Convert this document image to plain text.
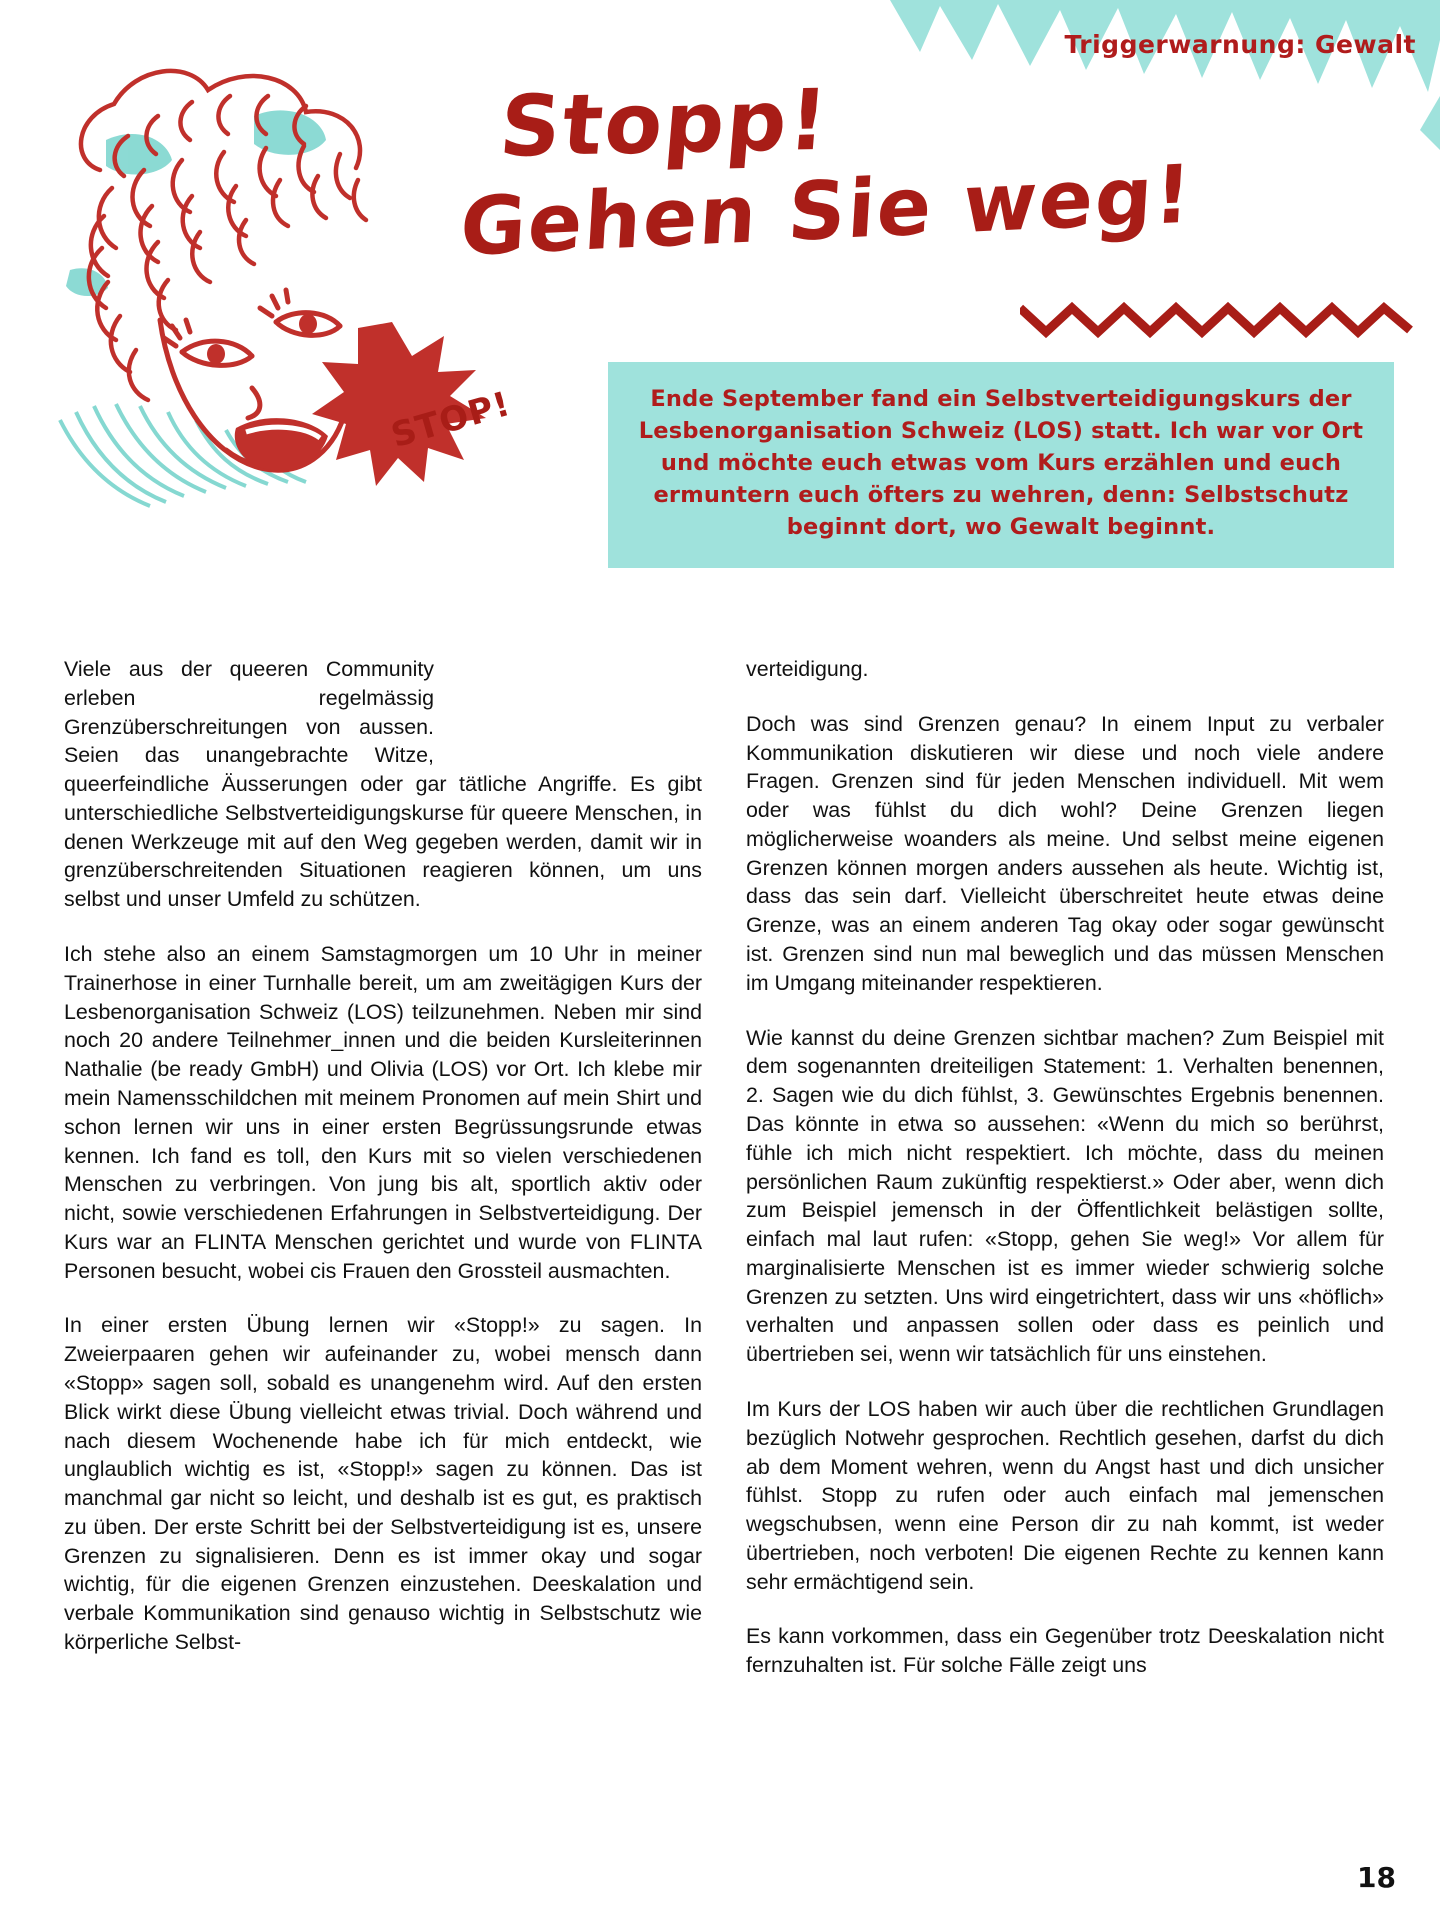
Triggerwarnung: Gewalt
Stopp!
Gehen Sie weg!
STOP!	Ende September fand ein Selbstverteidigungskurs der Lesbenorganisation Schweiz (LOS) statt. Ich war vor Ort und möchte euch etwas vom Kurs erzählen und euch ermuntern euch öfters zu wehren, denn: Selbstschutz beginnt dort, wo Gewalt beginnt.

Viele aus der queeren Community erleben regelmässig Grenzüberschreitungen von aussen. Seien das unangebrachte Witze, queerfeindliche Äusserungen oder gar tätliche Angriffe. Es gibt unterschiedliche Selbstverteidigungskurse für queere Menschen, in denen Werkzeuge mit auf den Weg gegeben werden, damit wir in grenzüberschreitenden Situationen reagieren können, um uns selbst und unser Umfeld zu schützen.

Ich stehe also an einem Samstagmorgen um 10 Uhr in meiner Trainerhose in einer Turnhalle bereit, um am zweitägigen Kurs der Lesbenorganisation Schweiz (LOS) teilzunehmen. Neben mir sind noch 20 andere Teilnehmer_innen und die beiden Kursleiterinnen Nathalie (be ready GmbH) und Olivia (LOS) vor Ort. Ich klebe mir mein Namensschildchen mit meinem Pronomen auf mein Shirt und schon lernen wir uns in einer ersten Begrüssungsrunde etwas kennen. Ich fand es toll, den Kurs mit so vielen verschiedenen Menschen zu verbringen. Von jung bis alt, sportlich aktiv oder nicht, sowie verschiedenen Erfahrungen in Selbstverteidigung. Der Kurs war an FLINTA Menschen gerichtet und wurde von FLINTA Personen besucht, wobei cis Frauen den Grossteil ausmachten.

In einer ersten Übung lernen wir «Stopp!» zu sagen. In Zweierpaaren gehen wir aufeinander zu, wobei mensch dann «Stopp» sagen soll, sobald es unangenehm wird. Auf den ersten Blick wirkt diese Übung vielleicht etwas trivial. Doch während und nach diesem Wochenende habe ich für mich entdeckt, wie unglaublich wichtig es ist, «Stopp!» sagen zu können. Das ist manchmal gar nicht so leicht, und deshalb ist es gut, es praktisch zu üben. Der erste Schritt bei der Selbstverteidigung ist es, unsere Grenzen zu signalisieren. Denn es ist immer okay und sogar wichtig, für die eigenen Grenzen einzustehen. Deeskalation und verbale Kommunikation sind genauso wichtig in Selbstschutz wie körperliche Selbst-

verteidigung.

Doch was sind Grenzen genau? In einem Input zu verbaler Kommunikation diskutieren wir diese und noch viele andere Fragen. Grenzen sind für jeden Menschen individuell. Mit wem oder was fühlst du dich wohl? Deine Grenzen liegen möglicherweise woanders als meine. Und selbst meine eigenen Grenzen können morgen anders aussehen als heute. Wichtig ist, dass das sein darf. Vielleicht überschreitet heute etwas deine Grenze, was an einem anderen Tag okay oder sogar gewünscht ist. Grenzen sind nun mal beweglich und das müssen Menschen im Umgang miteinander respektieren.

Wie kannst du deine Grenzen sichtbar machen? Zum Beispiel mit dem sogenannten dreiteiligen Statement: 1. Verhalten benennen, 2. Sagen wie du dich fühlst, 3. Gewünschtes Ergebnis benennen. Das könnte in etwa so aussehen: «Wenn du mich so berührst, fühle ich mich nicht respektiert. Ich möchte, dass du meinen persönlichen Raum zukünftig respektierst.» Oder aber, wenn dich zum Beispiel jemensch in der Öffentlichkeit belästigen sollte, einfach mal laut rufen: «Stopp, gehen Sie weg!» Vor allem für marginalisierte Menschen ist es immer wieder schwierig solche Grenzen zu setzten. Uns wird eingetrichtert, dass wir uns «höflich» verhalten und anpassen sollen oder dass es peinlich und übertrieben sei, wenn wir tatsächlich für uns einstehen.

Im Kurs der LOS haben wir auch über die rechtlichen Grundlagen bezüglich Notwehr gesprochen. Rechtlich gesehen, darfst du dich ab dem Moment wehren, wenn du Angst hast und dich unsicher fühlst. Stopp zu rufen oder auch einfach mal jemenschen wegschubsen, wenn eine Person dir zu nah kommt, ist weder übertrieben, noch verboten! Die eigenen Rechte zu kennen kann sehr ermächtigend sein.

Es kann vorkommen, dass ein Gegenüber trotz Deeskalation nicht fernzuhalten ist. Für solche Fälle zeigt uns

18
